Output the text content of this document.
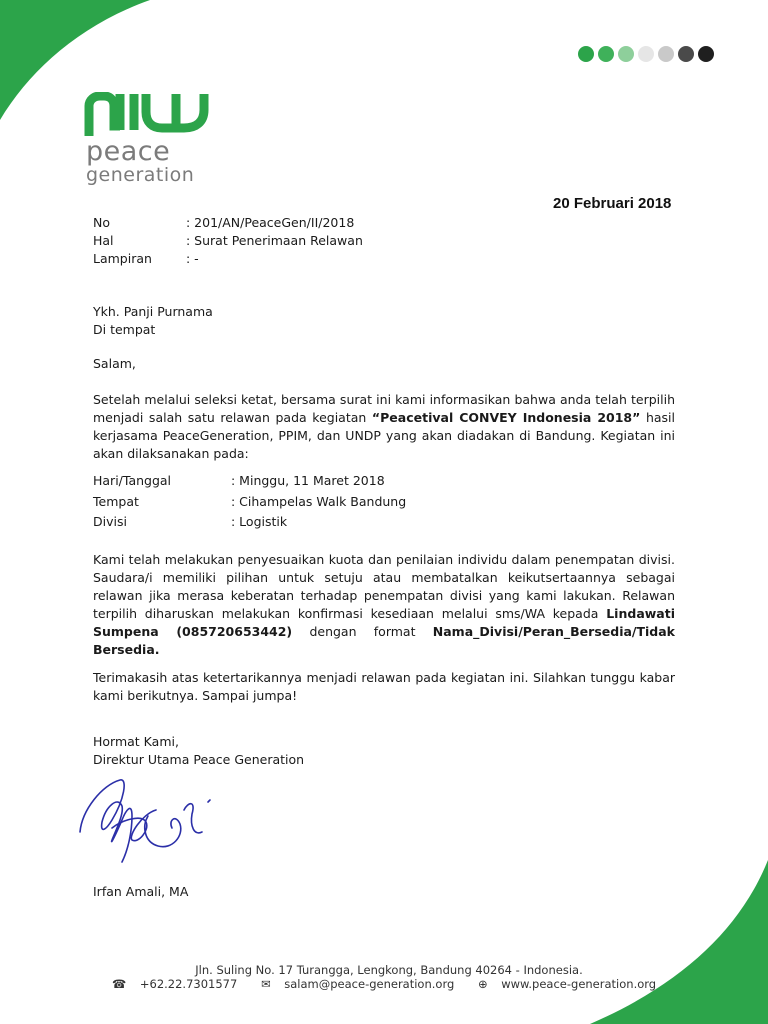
peace
generation
20 Februari 2018
No	: 201/AN/PeaceGen/II/2018
Hal	: Surat Penerimaan Relawan
Lampiran	: -
Ykh. Panji Purnama
Di tempat
Salam,
Setelah melalui seleksi ketat, bersama surat ini kami informasikan bahwa anda telah terpilih menjadi salah satu relawan pada kegiatan “Peacetival CONVEY Indonesia 2018” hasil kerjasama PeaceGeneration, PPIM, dan UNDP yang akan diadakan di Bandung. Kegiatan ini akan dilaksanakan pada:
Hari/Tanggal	: Minggu, 11 Maret 2018
Tempat	: Cihampelas Walk Bandung
Divisi	: Logistik
Kami telah melakukan penyesuaikan kuota dan penilaian individu dalam penempatan divisi. Saudara/i memiliki pilihan untuk setuju atau membatalkan keikutsertaannya sebagai relawan jika merasa keberatan terhadap penempatan divisi yang kami lakukan. Relawan terpilih diharuskan melakukan konfirmasi kesediaan melalui sms/WA kepada Lindawati Sumpena (085720653442) dengan format Nama_Divisi/Peran_Bersedia/Tidak Bersedia.
Terimakasih atas ketertarikannya menjadi relawan pada kegiatan ini. Silahkan tunggu kabar kami berikutnya. Sampai jumpa!
Hormat Kami,
Direktur Utama Peace Generation
Irfan Amali, MA
Jln. Suling No. 17 Turangga, Lengkong, Bandung 40264 - Indonesia.
☎ +62.22.7301577 ✉ salam@peace-generation.org ⊕ www.peace-generation.org
